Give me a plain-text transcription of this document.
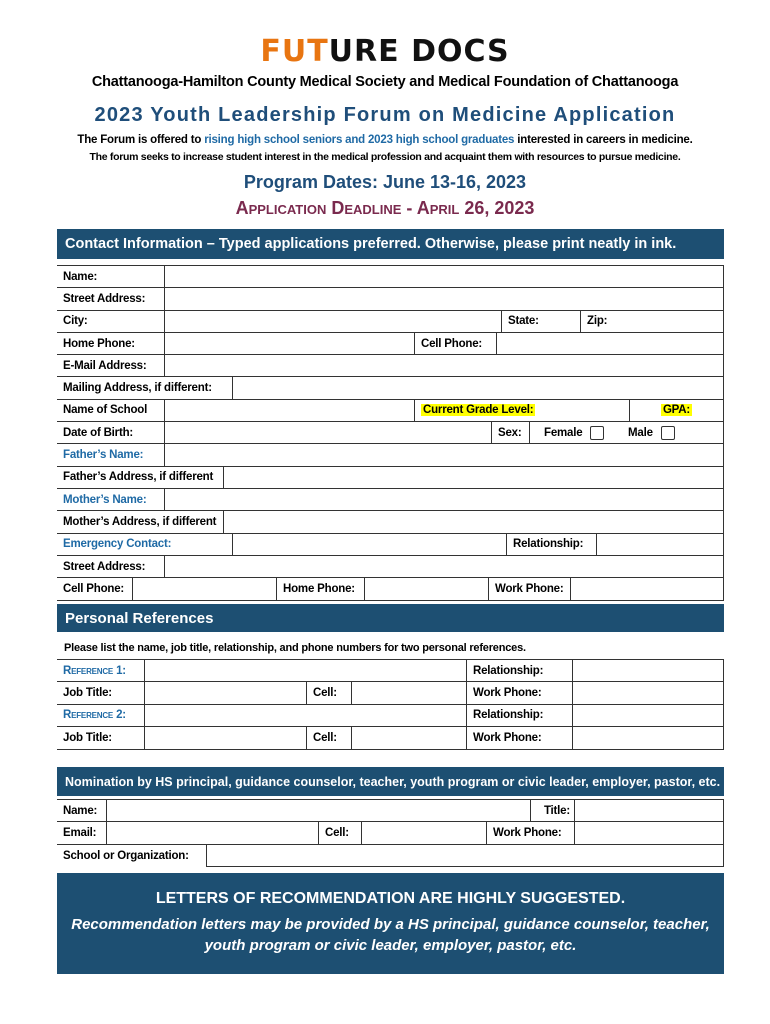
FUTURE DOCS
Chattanooga-Hamilton County Medical Society and Medical Foundation of Chattanooga
2023 Youth Leadership Forum on Medicine Application
The Forum is offered to rising high school seniors and 2023 high school graduates interested in careers in medicine.
The forum seeks to increase student interest in the medical profession and acquaint them with resources to pursue medicine.
Program Dates: June 13-16, 2023
Application Deadline - April 26, 2023
Contact Information – Typed applications preferred. Otherwise, please print neatly in ink.
Name:
Street Address:
City:	State:	Zip:
Home Phone:	Cell Phone:
E-Mail Address:
Mailing Address, if different:
Name of School	Current Grade Level:	GPA:
Date of Birth:	Sex:	Female	Male
Father’s Name:
Father’s Address, if different
Mother’s Name:
Mother’s Address, if different
Emergency Contact:	Relationship:
Street Address:
Cell Phone:	Home Phone:	Work Phone:
Personal References
Please list the name, job title, relationship, and phone numbers for two personal references.
Reference 1:	Relationship:
Job Title:	Cell:	Work Phone:
Reference 2:	Relationship:
Job Title:	Cell:	Work Phone:
Nomination by HS principal, guidance counselor, teacher, youth program or civic leader, employer, pastor, etc.
Name:	Title:
Email:	Cell:	Work Phone:
School or Organization:
LETTERS OF RECOMMENDATION ARE HIGHLY SUGGESTED.
Recommendation letters may be provided by a HS principal, guidance counselor, teacher,
youth program or civic leader, employer, pastor, etc.
